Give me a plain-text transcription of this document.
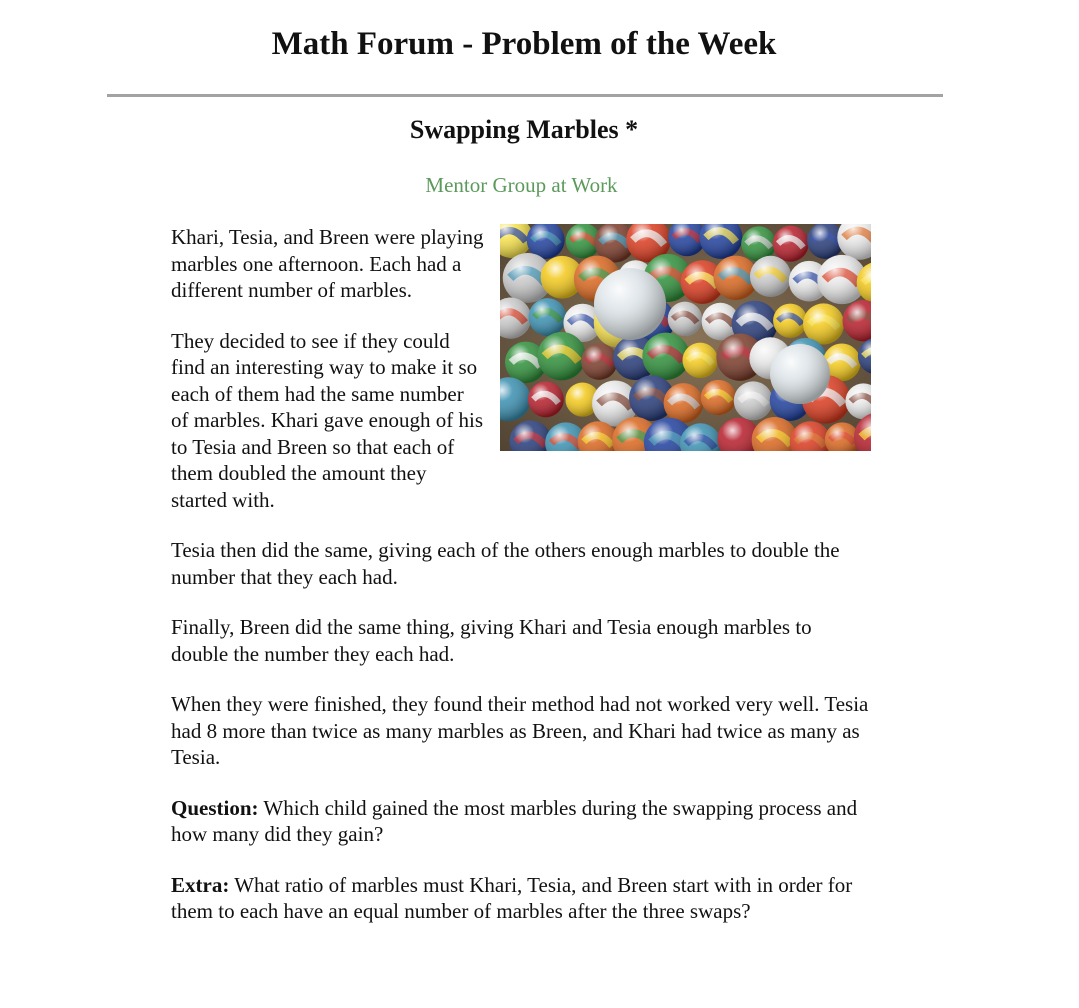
Math Forum - Problem of the Week
Swapping Marbles *
Mentor Group at Work

Khari, Tesia, and Breen were playing marbles one afternoon. Each had a different number of marbles.

They decided to see if they could find an interesting way to make it so each of them had the same number of marbles. Khari gave enough of his to Tesia and Breen so that each of them doubled the amount they started with.

Tesia then did the same, giving each of the others enough marbles to double the number that they each had.

Finally, Breen did the same thing, giving Khari and Tesia enough marbles to double the number they each had.

When they were finished, they found their method had not worked very well. Tesia had 8 more than twice as many marbles as Breen, and Khari had twice as many as Tesia.

Question: Which child gained the most marbles during the swapping process and how many did they gain?

Extra: What ratio of marbles must Khari, Tesia, and Breen start with in order for them to each have an equal number of marbles after the three swaps?
